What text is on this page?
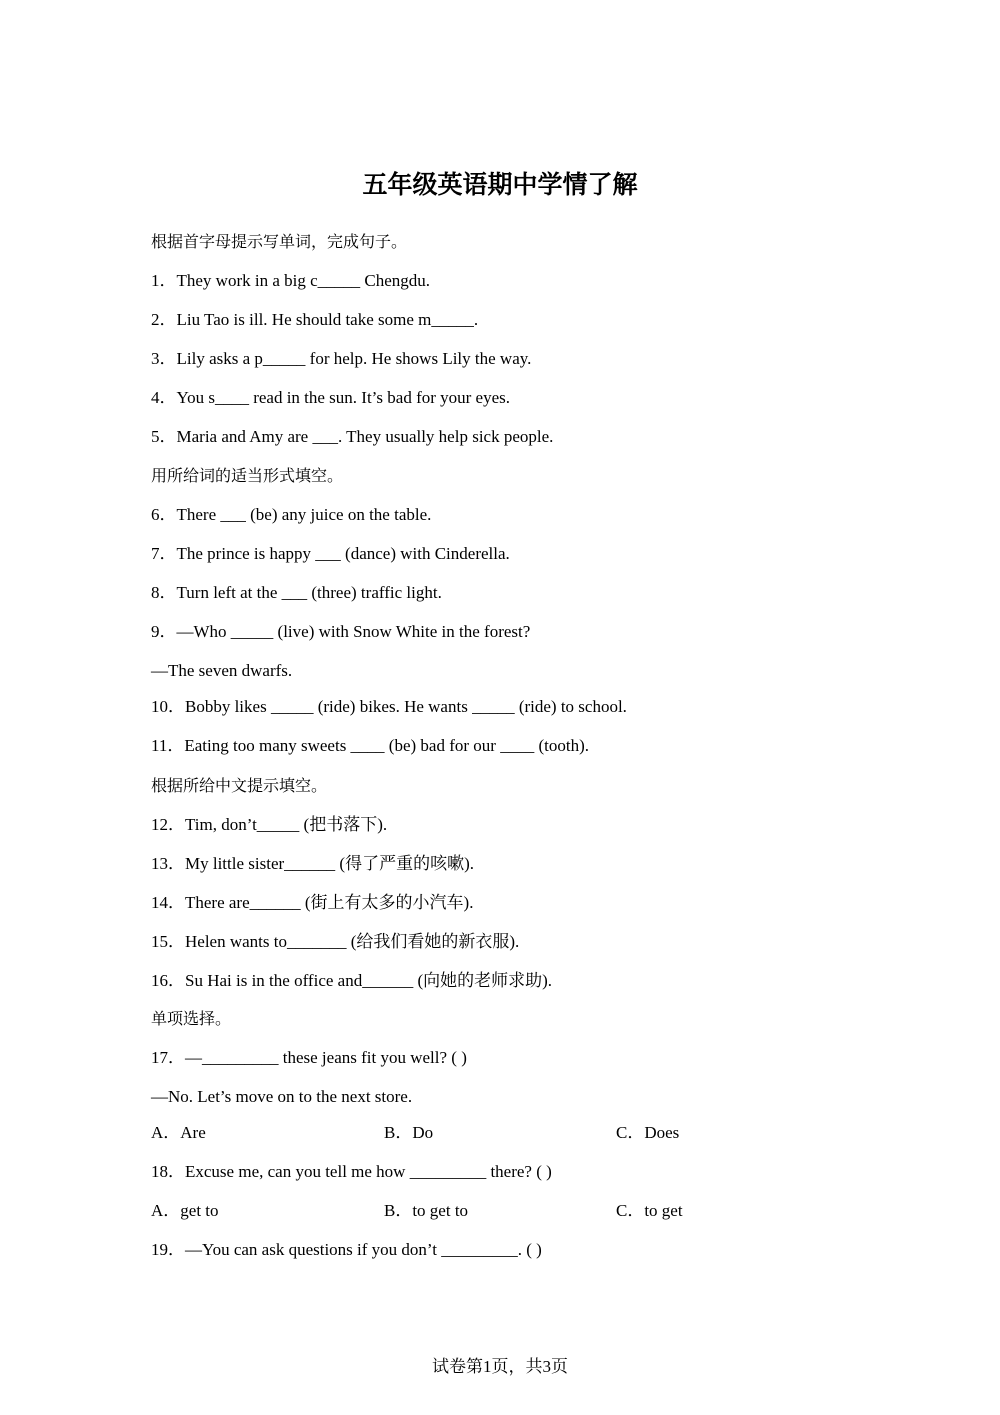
五年级英语期中学情了解
根据首字母提示写单词，完成句子。
1．They work in a big c_____ Chengdu.
2．Liu Tao is ill. He should take some m_____.
3．Lily asks a p_____ for help. He shows Lily the way.
4．You s____ read in the sun. It’s bad for your eyes.
5．Maria and Amy are ___. They usually help sick people.
用所给词的适当形式填空。
6．There ___ (be) any juice on the table.
7．The prince is happy ___ (dance) with Cinderella.
8．Turn left at the ___ (three) traffic light.
9．—Who _____ (live) with Snow White in the forest?
—The seven dwarfs.
10．Bobby likes _____ (ride) bikes. He wants _____ (ride) to school.
11．Eating too many sweets ____ (be) bad for our ____ (tooth).
根据所给中文提示填空。
12．Tim, don’t_____ (把书落下).
13．My little sister______ (得了严重的咳嗽).
14．There are______ (街上有太多的小汽车).
15．Helen wants to_______ (给我们看她的新衣服).
16．Su Hai is in the office and______ (向她的老师求助).
单项选择。
17．—_________ these jeans fit you well? ( )
—No. Let’s move on to the next store.
A．Are	B．Do	C．Does
18．Excuse me, can you tell me how _________ there? ( )
A．get to	B．to get to	C．to get
19．—You can ask questions if you don’t _________. ( )
试卷第1页，共3页
